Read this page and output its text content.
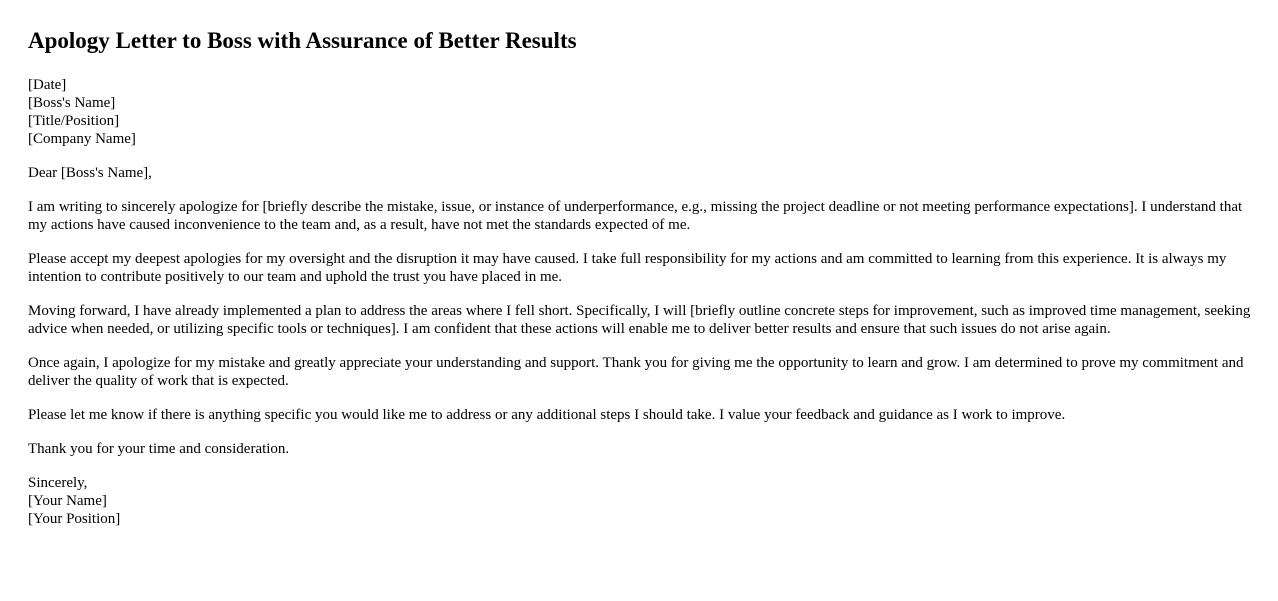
Apology Letter to Boss with Assurance of Better Results
[Date]
[Boss's Name]
[Title/Position]
[Company Name]

Dear [Boss's Name],

I am writing to sincerely apologize for [briefly describe the mistake, issue, or instance of underperformance, e.g., missing the project deadline or not meeting performance expectations]. I understand that my actions have caused inconvenience to the team and, as a result, have not met the standards expected of me.

Please accept my deepest apologies for my oversight and the disruption it may have caused. I take full responsibility for my actions and am committed to learning from this experience. It is always my intention to contribute positively to our team and uphold the trust you have placed in me.

Moving forward, I have already implemented a plan to address the areas where I fell short. Specifically, I will [briefly outline concrete steps for improvement, such as improved time management, seeking advice when needed, or utilizing specific tools or techniques]. I am confident that these actions will enable me to deliver better results and ensure that such issues do not arise again.

Once again, I apologize for my mistake and greatly appreciate your understanding and support. Thank you for giving me the opportunity to learn and grow. I am determined to prove my commitment and deliver the quality of work that is expected.

Please let me know if there is anything specific you would like me to address or any additional steps I should take. I value your feedback and guidance as I work to improve.

Thank you for your time and consideration.

Sincerely,
[Your Name]
[Your Position]
